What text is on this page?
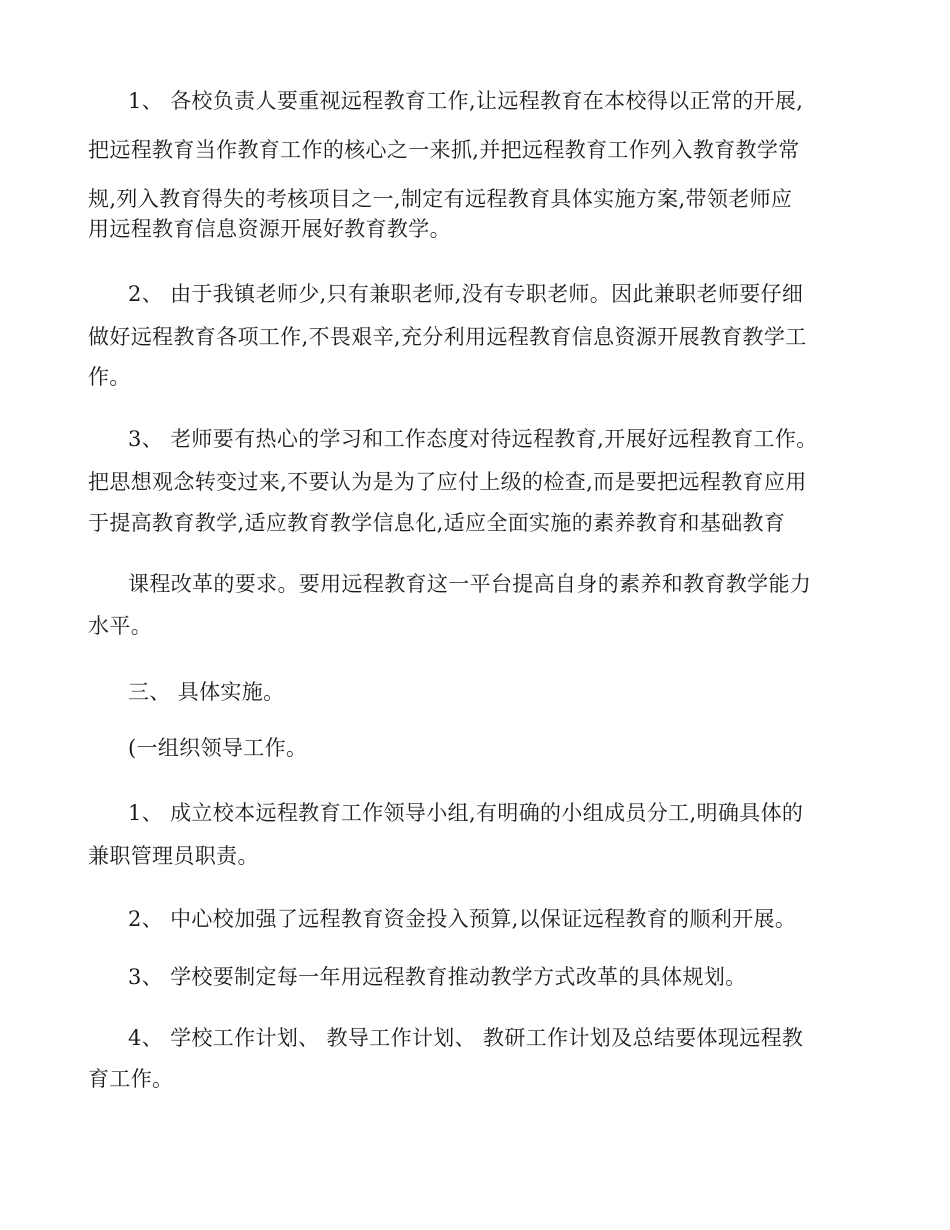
1、 各校负责人要重视远程教育工作,让远程教育在本校得以正常的开展,

把远程教育当作教育工作的核心之一来抓,并把远程教育工作列入教育教学常

规,列入教育得失的考核项目之一,制定有远程教育具体实施方案,带领老师应

用远程教育信息资源开展好教育教学。

2、 由于我镇老师少,只有兼职老师,没有专职老师。因此兼职老师要仔细

做好远程教育各项工作,不畏艰辛,充分利用远程教育信息资源开展教育教学工

作。

3、 老师要有热心的学习和工作态度对待远程教育,开展好远程教育工作。

把思想观念转变过来,不要认为是为了应付上级的检查,而是要把远程教育应用

于提高教育教学,适应教育教学信息化,适应全面实施的素养教育和基础教育

课程改革的要求。要用远程教育这一平台提高自身的素养和教育教学能力

水平。

三、 具体实施。

(一组织领导工作。

1、 成立校本远程教育工作领导小组,有明确的小组成员分工,明确具体的

兼职管理员职责。

2、 中心校加强了远程教育资金投入预算,以保证远程教育的顺利开展。

3、 学校要制定每一年用远程教育推动教学方式改革的具体规划。

4、 学校工作计划、 教导工作计划、 教研工作计划及总结要体现远程教

育工作。
